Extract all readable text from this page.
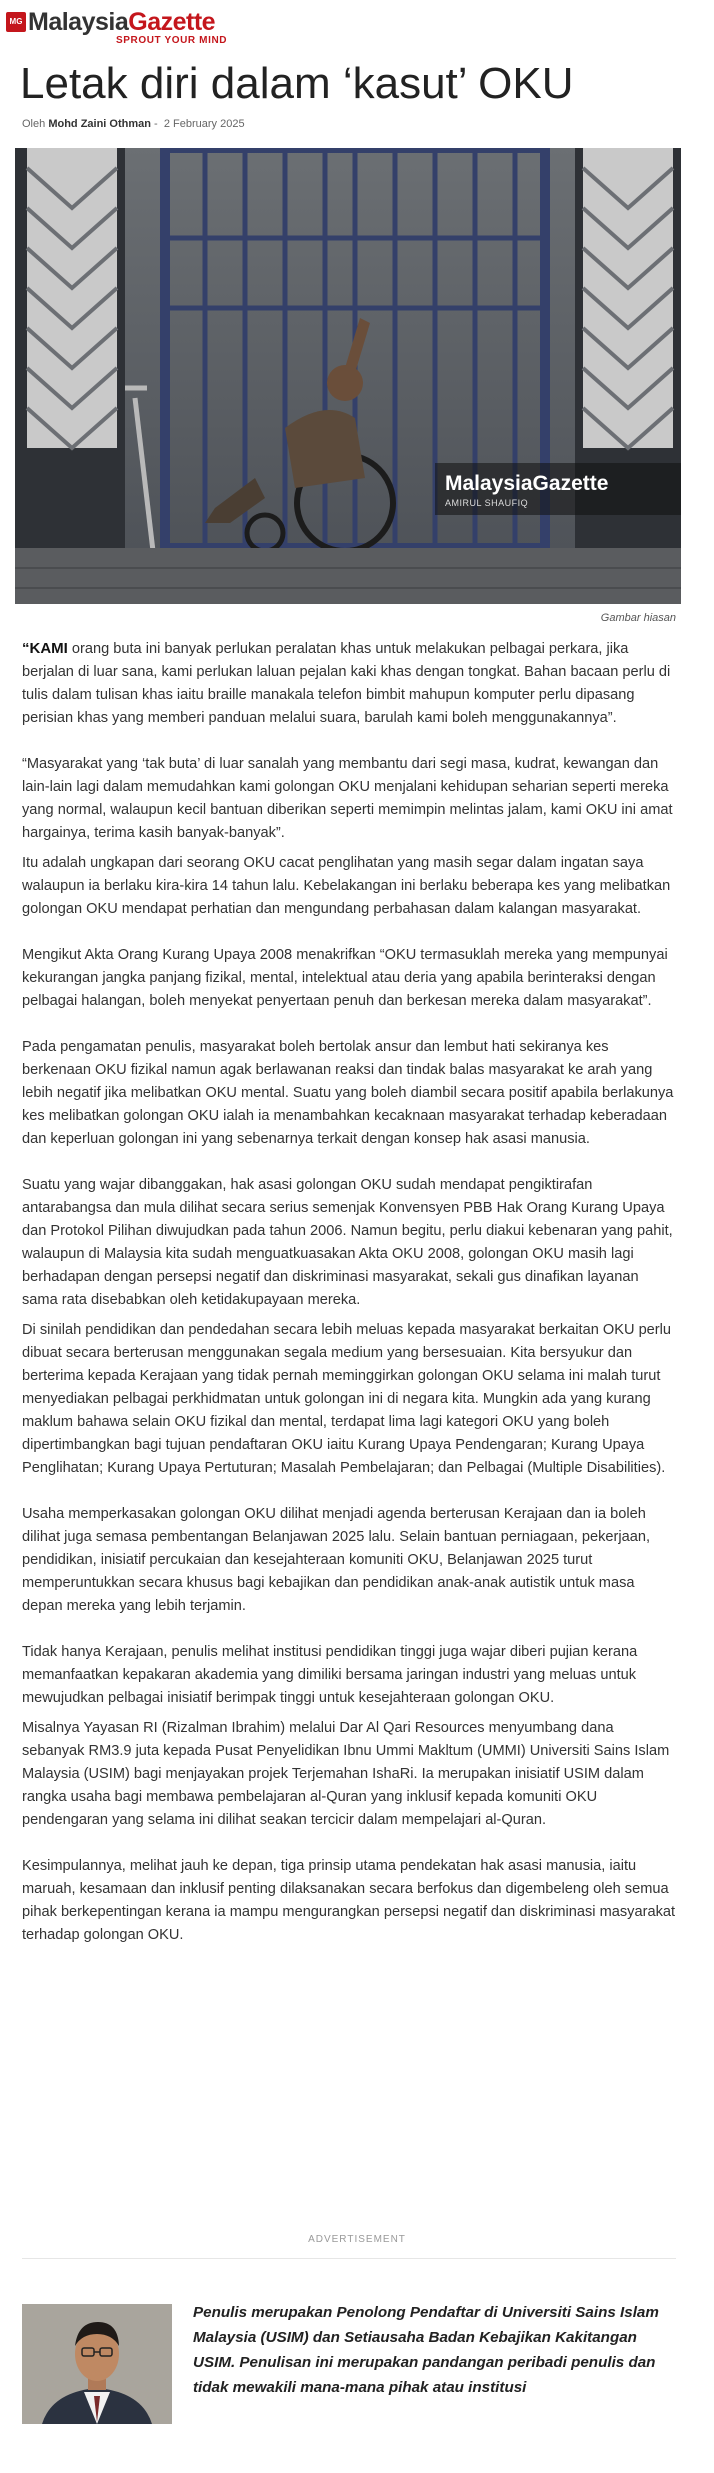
MG MalaysiaGazette
SPROUT YOUR MIND
Letak diri dalam ‘kasut’ OKU
Oleh Mohd Zaini Othman - 2 February 2025
MalaysiaGazette
AMIRUL SHAUFIQ
Gambar hiasan

“KAMI orang buta ini banyak perlukan peralatan khas untuk melakukan pelbagai perkara, jika berjalan di luar sana, kami perlukan laluan pejalan kaki khas dengan tongkat. Bahan bacaan perlu di tulis dalam tulisan khas iaitu braille manakala telefon bimbit mahupun komputer perlu dipasang perisian khas yang memberi panduan melalui suara, barulah kami boleh menggunakannya”.

“Masyarakat yang ‘tak buta’ di luar sanalah yang membantu dari segi masa, kudrat, kewangan dan lain-lain lagi dalam memudahkan kami golongan OKU menjalani kehidupan seharian seperti mereka yang normal, walaupun kecil bantuan diberikan seperti memimpin melintas jalam, kami OKU ini amat hargainya, terima kasih banyak-banyak”.

Itu adalah ungkapan dari seorang OKU cacat penglihatan yang masih segar dalam ingatan saya walaupun ia berlaku kira-kira 14 tahun lalu. Kebelakangan ini berlaku beberapa kes yang melibatkan golongan OKU mendapat perhatian dan mengundang perbahasan dalam kalangan masyarakat.

Mengikut Akta Orang Kurang Upaya 2008 menakrifkan “OKU termasuklah mereka yang mempunyai kekurangan jangka panjang fizikal, mental, intelektual atau deria yang apabila berinteraksi dengan pelbagai halangan, boleh menyekat penyertaan penuh dan berkesan mereka dalam masyarakat”.

Pada pengamatan penulis, masyarakat boleh bertolak ansur dan lembut hati sekiranya kes berkenaan OKU fizikal namun agak berlawanan reaksi dan tindak balas masyarakat ke arah yang lebih negatif jika melibatkan OKU mental. Suatu yang boleh diambil secara positif apabila berlakunya kes melibatkan golongan OKU ialah ia menambahkan kecaknaan masyarakat terhadap keberadaan dan keperluan golongan ini yang sebenarnya terkait dengan konsep hak asasi manusia.

Suatu yang wajar dibanggakan, hak asasi golongan OKU sudah mendapat pengiktirafan antarabangsa dan mula dilihat secara serius semenjak Konvensyen PBB Hak Orang Kurang Upaya dan Protokol Pilihan diwujudkan pada tahun 2006. Namun begitu, perlu diakui kebenaran yang pahit, walaupun di Malaysia kita sudah menguatkuasakan Akta OKU 2008, golongan OKU masih lagi berhadapan dengan persepsi negatif dan diskriminasi masyarakat, sekali gus dinafikan layanan sama rata disebabkan oleh ketidakupayaan mereka.

Di sinilah pendidikan dan pendedahan secara lebih meluas kepada masyarakat berkaitan OKU perlu dibuat secara berterusan menggunakan segala medium yang bersesuaian. Kita bersyukur dan berterima kepada Kerajaan yang tidak pernah meminggirkan golongan OKU selama ini malah turut menyediakan pelbagai perkhidmatan untuk golongan ini di negara kita. Mungkin ada yang kurang maklum bahawa selain OKU fizikal dan mental, terdapat lima lagi kategori OKU yang boleh dipertimbangkan bagi tujuan pendaftaran OKU iaitu Kurang Upaya Pendengaran; Kurang Upaya Penglihatan; Kurang Upaya Pertuturan; Masalah Pembelajaran; dan Pelbagai (Multiple Disabilities).

Usaha memperkasakan golongan OKU dilihat menjadi agenda berterusan Kerajaan dan ia boleh dilihat juga semasa pembentangan Belanjawan 2025 lalu. Selain bantuan perniagaan, pekerjaan, pendidikan, inisiatif percukaian dan kesejahteraan komuniti OKU, Belanjawan 2025 turut memperuntukkan secara khusus bagi kebajikan dan pendidikan anak-anak autistik untuk masa depan mereka yang lebih terjamin.

Tidak hanya Kerajaan, penulis melihat institusi pendidikan tinggi juga wajar diberi pujian kerana memanfaatkan kepakaran akademia yang dimiliki bersama jaringan industri yang meluas untuk mewujudkan pelbagai inisiatif berimpak tinggi untuk kesejahteraan golongan OKU.

Misalnya Yayasan RI (Rizalman Ibrahim) melalui Dar Al Qari Resources menyumbang dana sebanyak RM3.9 juta kepada Pusat Penyelidikan Ibnu Ummi Makltum (UMMI) Universiti Sains Islam Malaysia (USIM) bagi menjayakan projek Terjemahan IshaRi. Ia merupakan inisiatif USIM dalam rangka usaha bagi membawa pembelajaran al-Quran yang inklusif kepada komuniti OKU pendengaran yang selama ini dilihat seakan tercicir dalam mempelajari al-Quran.

Kesimpulannya, melihat jauh ke depan, tiga prinsip utama pendekatan hak asasi manusia, iaitu maruah, kesamaan dan inklusif penting dilaksanakan secara berfokus dan digembeleng oleh semua pihak berkepentingan kerana ia mampu mengurangkan persepsi negatif dan diskriminasi masyarakat terhadap golongan OKU.

ADVERTISEMENT

Penulis merupakan Penolong Pendaftar di Universiti Sains Islam Malaysia (USIM) dan Setiausaha Badan Kebajikan Kakitangan USIM. Penulisan ini merupakan pandangan peribadi penulis dan tidak mewakili mana-mana pihak atau institusi
